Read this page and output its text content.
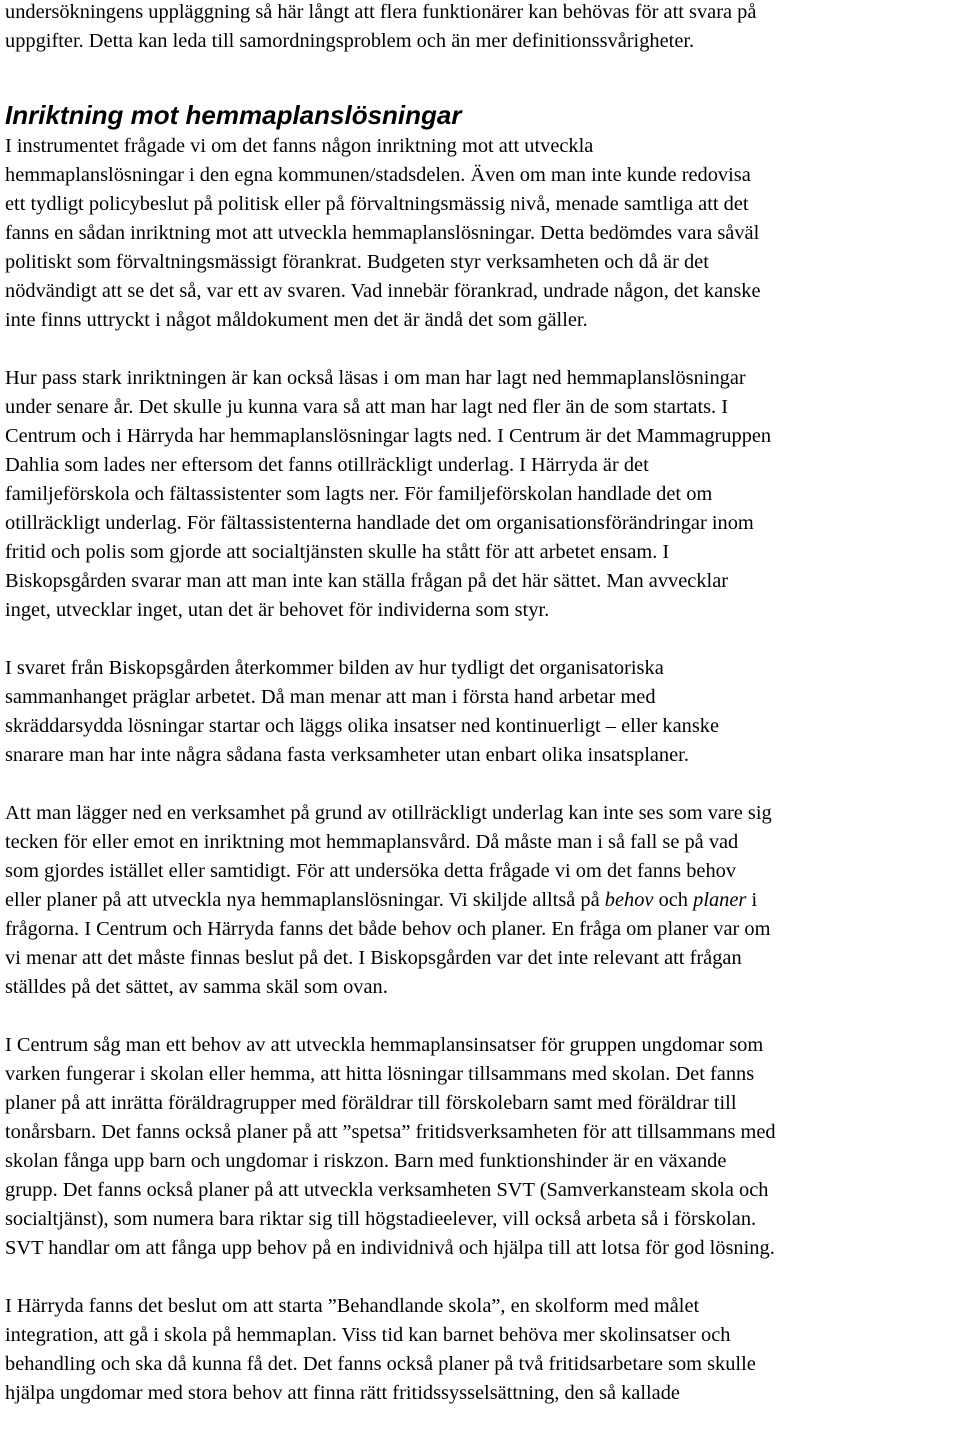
undersökningens uppläggning så här långt att flera funktionärer kan behövas för att svara på
uppgifter. Detta kan leda till samordningsproblem och än mer definitionssvårigheter.

Inriktning mot hemmaplanslösningar

I instrumentet frågade vi om det fanns någon inriktning mot att utveckla
hemmaplanslösningar i den egna kommunen/stadsdelen. Även om man inte kunde redovisa
ett tydligt policybeslut på politisk eller på förvaltningsmässig nivå, menade samtliga att det
fanns en sådan inriktning mot att utveckla hemmaplanslösningar. Detta bedömdes vara såväl
politiskt som förvaltningsmässigt förankrat. Budgeten styr verksamheten och då är det
nödvändigt att se det så, var ett av svaren. Vad innebär förankrad, undrade någon, det kanske
inte finns uttryckt i något måldokument men det är ändå det som gäller.

Hur pass stark inriktningen är kan också läsas i om man har lagt ned hemmaplanslösningar
under senare år. Det skulle ju kunna vara så att man har lagt ned fler än de som startats. I
Centrum och i Härryda har hemmaplanslösningar lagts ned. I Centrum är det Mammagruppen
Dahlia som lades ner eftersom det fanns otillräckligt underlag. I Härryda är det
familjeförskola och fältassistenter som lagts ner. För familjeförskolan handlade det om
otillräckligt underlag. För fältassistenterna handlade det om organisationsförändringar inom
fritid och polis som gjorde att socialtjänsten skulle ha stått för att arbetet ensam. I
Biskopsgården svarar man att man inte kan ställa frågan på det här sättet. Man avvecklar
inget, utvecklar inget, utan det är behovet för individerna som styr.

I svaret från Biskopsgården återkommer bilden av hur tydligt det organisatoriska
sammanhanget präglar arbetet. Då man menar att man i första hand arbetar med
skräddarsydda lösningar startar och läggs olika insatser ned kontinuerligt – eller kanske
snarare man har inte några sådana fasta verksamheter utan enbart olika insatsplaner.

Att man lägger ned en verksamhet på grund av otillräckligt underlag kan inte ses som vare sig
tecken för eller emot en inriktning mot hemmaplansvård. Då måste man i så fall se på vad
som gjordes istället eller samtidigt. För att undersöka detta frågade vi om det fanns behov
eller planer på att utveckla nya hemmaplanslösningar. Vi skiljde alltså på behov och planer i
frågorna. I Centrum och Härryda fanns det både behov och planer. En fråga om planer var om
vi menar att det måste finnas beslut på det. I Biskopsgården var det inte relevant att frågan
ställdes på det sättet, av samma skäl som ovan.

I Centrum såg man ett behov av att utveckla hemmaplansinsatser för gruppen ungdomar som
varken fungerar i skolan eller hemma, att hitta lösningar tillsammans med skolan. Det fanns
planer på att inrätta föräldragrupper med föräldrar till förskolebarn samt med föräldrar till
tonårsbarn. Det fanns också planer på att ”spetsa” fritidsverksamheten för att tillsammans med
skolan fånga upp barn och ungdomar i riskzon. Barn med funktionshinder är en växande
grupp. Det fanns också planer på att utveckla verksamheten SVT (Samverkansteam skola och
socialtjänst), som numera bara riktar sig till högstadieelever, vill också arbeta så i förskolan.
SVT handlar om att fånga upp behov på en individnivå och hjälpa till att lotsa för god lösning.

I Härryda fanns det beslut om att starta ”Behandlande skola”, en skolform med målet
integration, att gå i skola på hemmaplan. Viss tid kan barnet behöva mer skolinsatser och
behandling och ska då kunna få det. Det fanns också planer på två fritidsarbetare som skulle
hjälpa ungdomar med stora behov att finna rätt fritidssysselsättning, den så kallade
